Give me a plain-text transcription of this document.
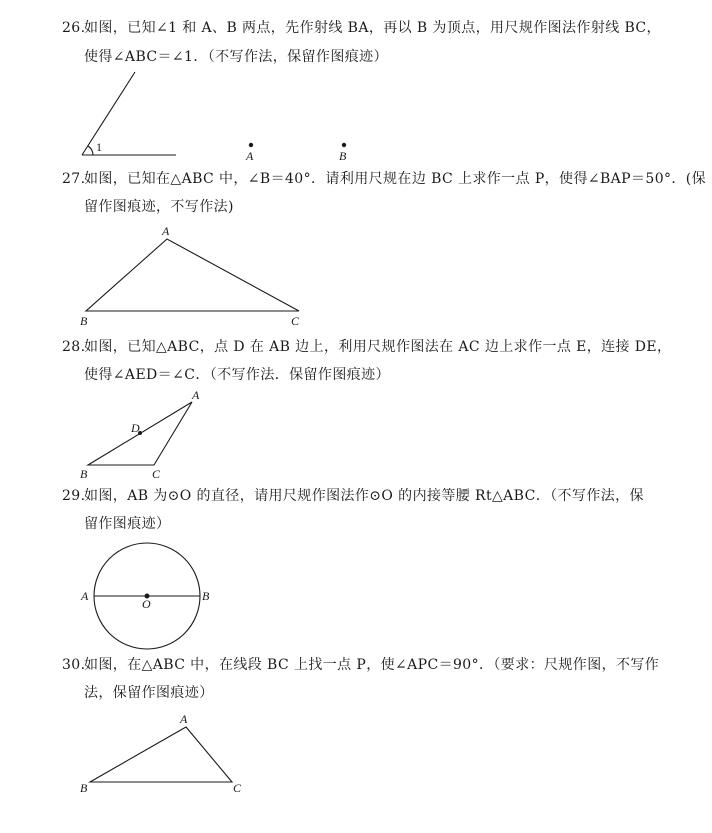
26.
如图，已知∠1 和 A、B 两点，先作射线 BA，再以 B 为顶点，用尺规作图法作射线 BC，
使得∠ABC＝∠1．（不写作法，保留作图痕迹）
27.
如图，已知在△ABC 中，∠B＝40°．请利用尺规在边 BC 上求作一点 P，使得∠BAP＝50°．(保
留作图痕迹，不写作法)
28.
如图，已知△ABC，点 D 在 AB 边上，利用尺规作图法在 AC 边上求作一点 E，连接 DE，
使得∠AED＝∠C．（不写作法．保留作图痕迹）
29.
如图，AB 为⊙O 的直径，请用尺规作图法作⊙O 的内接等腰 Rt△ABC．（不写作法，保
留作图痕迹）
30.
如图，在△ABC 中，在线段 BC 上找一点 P，使∠APC＝90°．（要求：尺规作图，不写作
法，保留作图痕迹）
1
A	B
A
B	C
A
D
B	C
A	B
O
A
B	C
